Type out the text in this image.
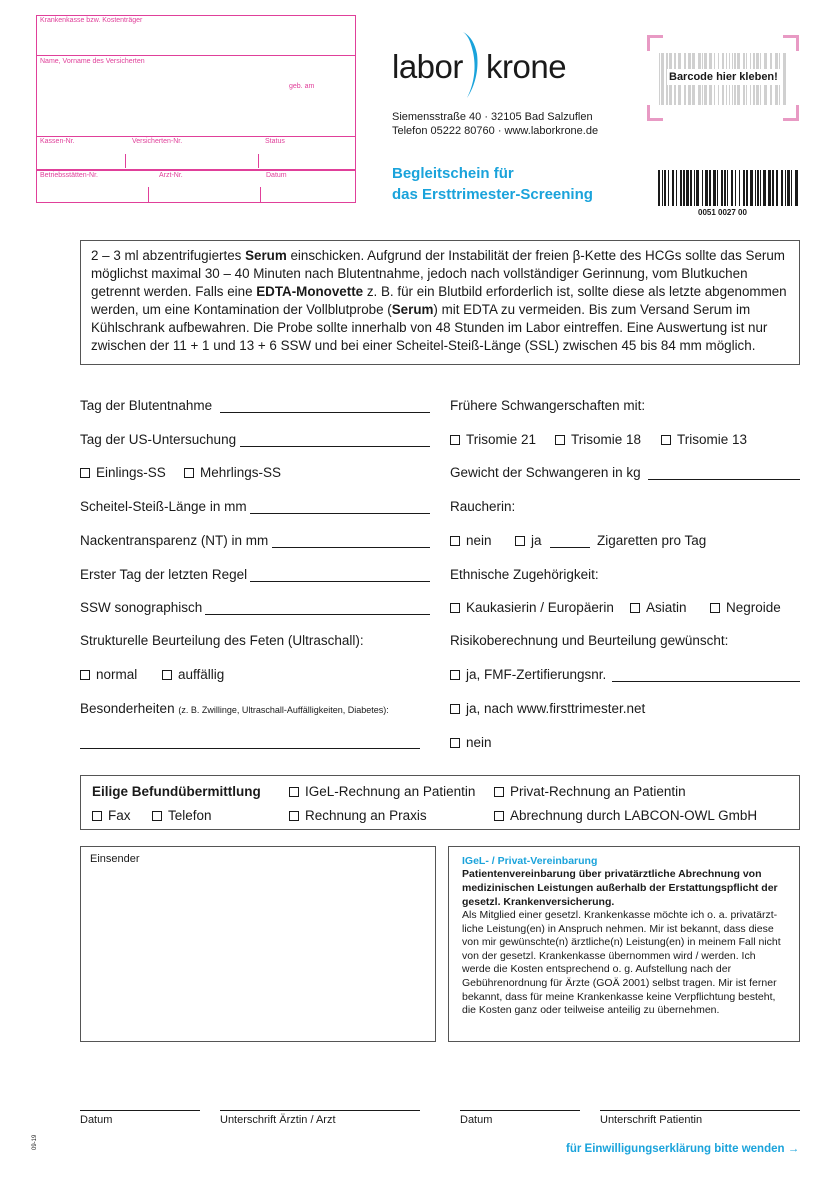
Krankenkasse bzw. Kostenträger
Name, Vorname des Versicherten
geb. am
Kassen-Nr.	Versicherten-Nr.	Status
Betriebsstätten-Nr.	Arzt-Nr.	Datum
labor krone
Siemensstraße 40 · 32105 Bad Salzuflen
Telefon 05222 80760 · www.laborkrone.de
Begleitschein für
das Ersttrimester-Screening
Barcode hier kleben!
0051 0027 00
2 – 3 ml abzentrifugiertes Serum einschicken. Aufgrund der Instabilität der freien β-Kette des HCGs sollte das Serum möglichst maximal 30 – 40 Minuten nach Blutentnahme, jedoch nach vollständiger Gerinnung, vom Blutkuchen getrennt werden. Falls eine EDTA-Monovette z. B. für ein Blutbild erforderlich ist, sollte diese als letzte abgenommen werden, um eine Kontamination der Vollblutprobe (Serum) mit EDTA zu vermeiden. Bis zum Versand Serum im Kühlschrank aufbewahren. Die Probe sollte innerhalb von 48 Stunden im Labor eintreffen. Eine Auswertung ist nur zwischen der 11 + 1 und 13 + 6 SSW und bei einer Scheitel-Steiß-Länge (SSL) zwischen 45 bis 84 mm möglich.
Tag der Blutentnahme
Tag der US-Untersuchung
Einlings-SS	Mehrlings-SS
Scheitel-Steiß-Länge in mm
Nackentransparenz (NT) in mm
Erster Tag der letzten Regel
SSW sonographisch
Strukturelle Beurteilung des Feten (Ultraschall):
normal	auffällig
Besonderheiten (z. B. Zwillinge, Ultraschall-Auffälligkeiten, Diabetes):
Frühere Schwangerschaften mit:
Trisomie 21	Trisomie 18	Trisomie 13
Gewicht der Schwangeren in kg
Raucherin:
nein	ja	Zigaretten pro Tag
Ethnische Zugehörigkeit:
Kaukasierin / Europäerin	Asiatin	Negroide
Risikoberechnung und Beurteilung gewünscht:
ja, FMF-Zertifierungsnr.
ja, nach www.firsttrimester.net
nein
Eilige Befundübermittlung
Fax	Telefon
IGeL-Rechnung an Patientin
Rechnung an Praxis
Privat-Rechnung an Patientin
Abrechnung durch LABCON-OWL GmbH
Einsender	IGeL- / Privat-Vereinbarung
Patientenvereinbarung über privatärztliche Abrechnung von medizinischen Leistungen außerhalb der Erstattungspflicht der gesetzl. Krankenversicherung.
Als Mitglied einer gesetzl. Krankenkasse möchte ich o. a. privatärztliche Leistung(en) in Anspruch nehmen. Mir ist bekannt, dass diese von mir gewünschte(n) ärztliche(n) Leistung(en) in meinem Fall nicht von der gesetzl. Krankenkasse übernommen wird / werden. Ich werde die Kosten entsprechend o. g. Aufstellung nach der Gebührenordnung für Ärzte (GOÄ 2001) selbst tragen. Mir ist ferner bekannt, dass für meine Krankenkasse keine Verpflichtung besteht, die Kosten ganz oder teilweise anteilig zu übernehmen.
Datum	Unterschrift Ärztin / Arzt	Datum	Unterschrift Patientin
09-19	für Einwilligungserklärung bitte wenden →
